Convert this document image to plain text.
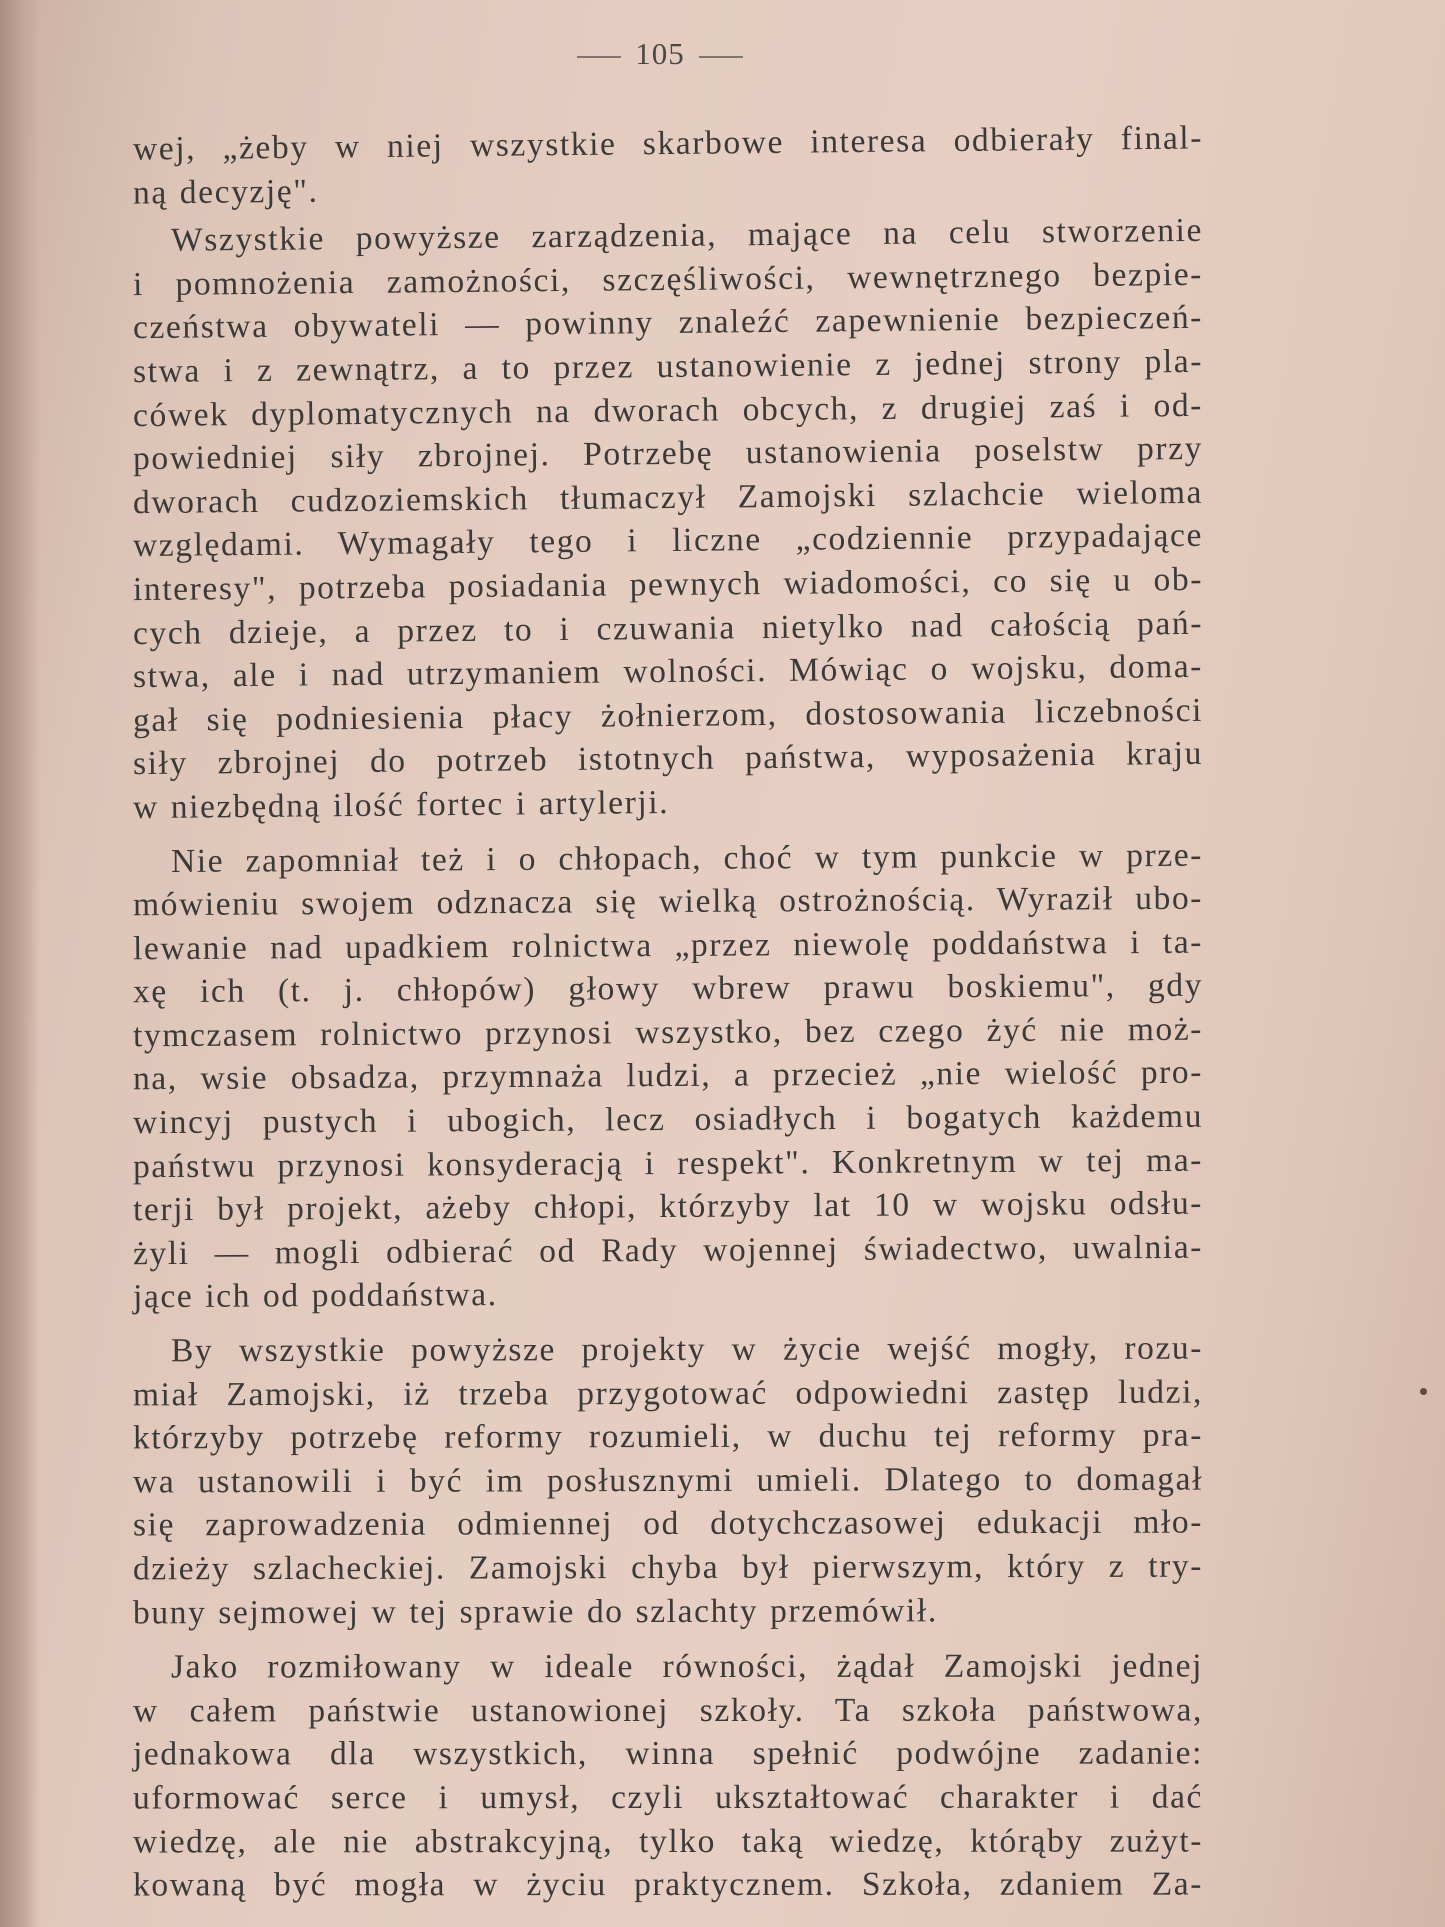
105

wej, „żeby w niej wszystkie skarbowe interesa odbierały final-
ną decyzję".

Wszystkie powyższe zarządzenia, mające na celu stworzenie
i pomnożenia zamożności, szczęśliwości, wewnętrznego bezpie-
czeństwa obywateli — powinny znaleźć zapewnienie bezpieczeń-
stwa i z zewnątrz, a to przez ustanowienie z jednej strony pla-
cówek dyplomatycznych na dworach obcych, z drugiej zaś i od-
powiedniej siły zbrojnej. Potrzebę ustanowienia poselstw przy
dworach cudzoziemskich tłumaczył Zamojski szlachcie wieloma
względami. Wymagały tego i liczne „codziennie przypadające
interesy", potrzeba posiadania pewnych wiadomości, co się u ob-
cych dzieje, a przez to i czuwania nietylko nad całością pań-
stwa, ale i nad utrzymaniem wolności. Mówiąc o wojsku, doma-
gał się podniesienia płacy żołnierzom, dostosowania liczebności
siły zbrojnej do potrzeb istotnych państwa, wyposażenia kraju
w niezbędną ilość fortec i artylerji.

Nie zapomniał też i o chłopach, choć w tym punkcie w prze-
mówieniu swojem odznacza się wielką ostrożnością. Wyraził ubo-
lewanie nad upadkiem rolnictwa „przez niewolę poddaństwa i ta-
xę ich (t. j. chłopów) głowy wbrew prawu boskiemu", gdy
tymczasem rolnictwo przynosi wszystko, bez czego żyć nie moż-
na, wsie obsadza, przymnaża ludzi, a przecież „nie wielość pro-
wincyj pustych i ubogich, lecz osiadłych i bogatych każdemu
państwu przynosi konsyderacją i respekt". Konkretnym w tej ma-
terji był projekt, ażeby chłopi, którzyby lat 10 w wojsku odsłu-
żyli — mogli odbierać od Rady wojennej świadectwo, uwalnia-
jące ich od poddaństwa.

By wszystkie powyższe projekty w życie wejść mogły, rozu-
miał Zamojski, iż trzeba przygotować odpowiedni zastęp ludzi,
którzyby potrzebę reformy rozumieli, w duchu tej reformy pra-
wa ustanowili i być im posłusznymi umieli. Dlatego to domagał
się zaprowadzenia odmiennej od dotychczasowej edukacji mło-
dzieży szlacheckiej. Zamojski chyba był pierwszym, który z try-
buny sejmowej w tej sprawie do szlachty przemówił.

Jako rozmiłowany w ideale równości, żądał Zamojski jednej
w całem państwie ustanowionej szkoły. Ta szkoła państwowa,
jednakowa dla wszystkich, winna spełnić podwójne zadanie:
uformować serce i umysł, czyli ukształtować charakter i dać
wiedzę, ale nie abstrakcyjną, tylko taką wiedzę, którąby zużyt-
kowaną być mogła w życiu praktycznem. Szkoła, zdaniem Za-
